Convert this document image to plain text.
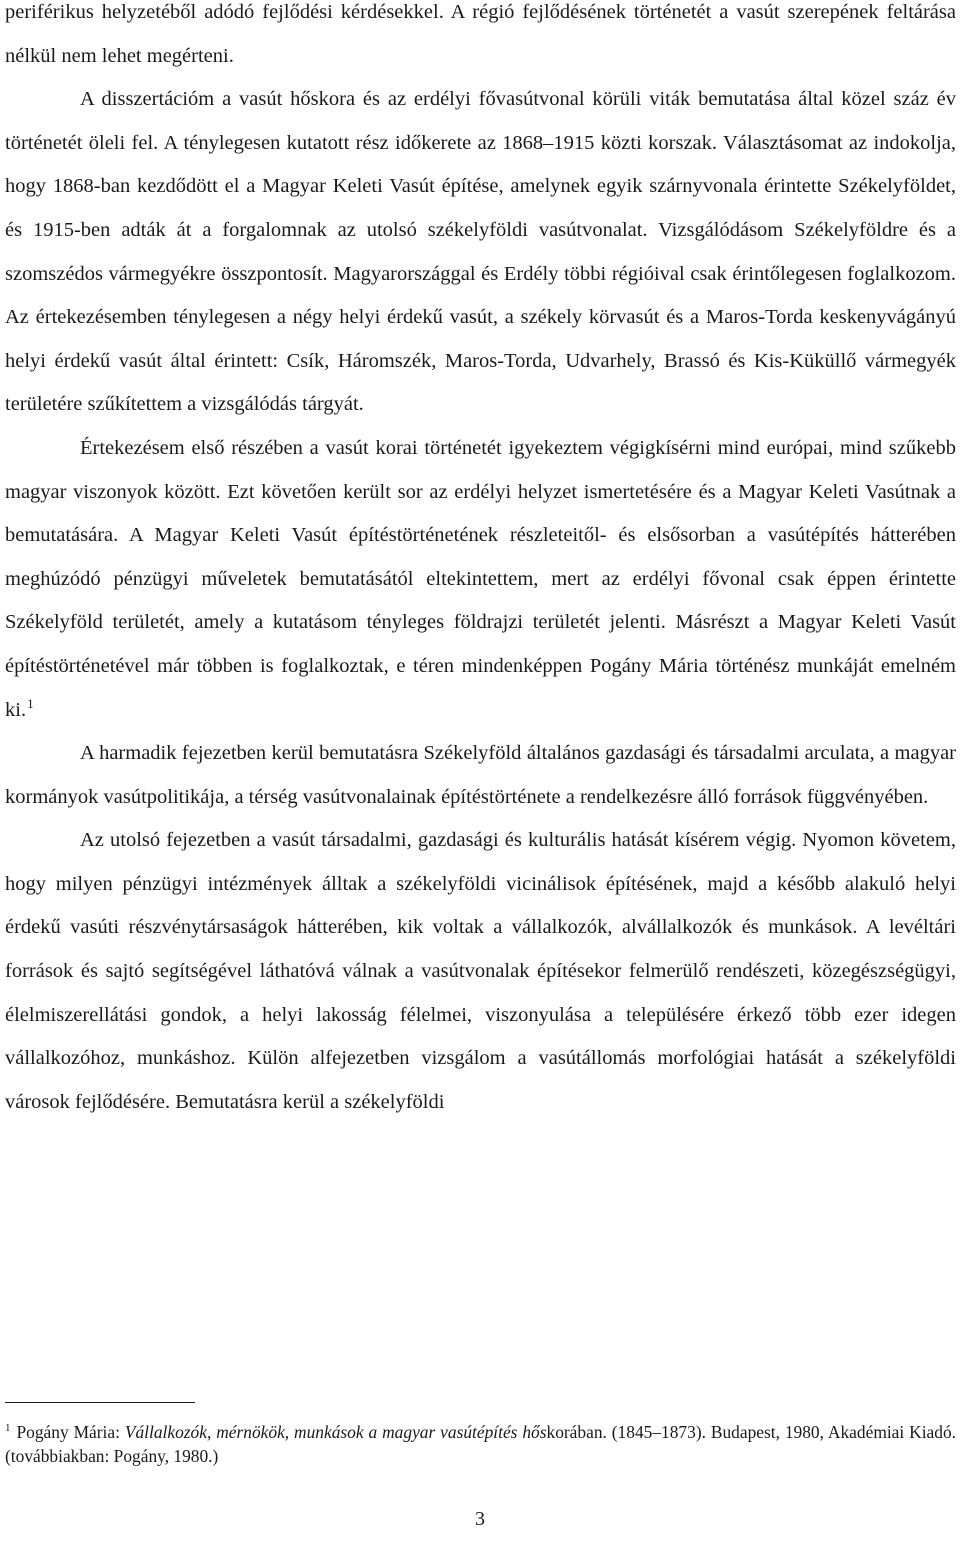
periférikus helyzetéből adódó fejlődési kérdésekkel. A régió fejlődésének történetét a vasút szerepének feltárása nélkül nem lehet megérteni.

A disszertációm a vasút hőskora és az erdélyi fővasútvonal körüli viták bemutatása által közel száz év történetét öleli fel. A ténylegesen kutatott rész időkerete az 1868–1915 közti korszak. Választásomat az indokolja, hogy 1868-ban kezdődött el a Magyar Keleti Vasút építése, amelynek egyik szárnyvonala érintette Székelyföldet, és 1915-ben adták át a forgalomnak az utolsó székelyföldi vasútvonalat. Vizsgálódásom Székelyföldre és a szomszédos vármegyékre összpontosít. Magyarországgal és Erdély többi régióival csak érintőlegesen foglalkozom. Az értekezésemben ténylegesen a négy helyi érdekű vasút, a székely körvasút és a Maros-Torda keskenyvágányú helyi érdekű vasút által érintett: Csík, Háromszék, Maros-Torda, Udvarhely, Brassó és Kis-Küküllő vármegyék területére szűkítettem a vizsgálódás tárgyát.

Értekezésem első részében a vasút korai történetét igyekeztem végigkísérni mind európai, mind szűkebb magyar viszonyok között. Ezt követően került sor az erdélyi helyzet ismertetésére és a Magyar Keleti Vasútnak a bemutatására. A Magyar Keleti Vasút építéstörténetének részleteitől- és elsősorban a vasútépítés hátterében meghúzódó pénzügyi műveletek bemutatásától eltekintettem, mert az erdélyi fővonal csak éppen érintette Székelyföld területét, amely a kutatásom tényleges földrajzi területét jelenti. Másrészt a Magyar Keleti Vasút építéstörténetével már többen is foglalkoztak, e téren mindenképpen Pogány Mária történész munkáját emelném ki.$^1$

A harmadik fejezetben kerül bemutatásra Székelyföld általános gazdasági és társadalmi arculata, a magyar kormányok vasútpolitikája, a térség vasútvonalainak építéstörténete a rendelkezésre álló források függvényében.

Az utolsó fejezetben a vasút társadalmi, gazdasági és kulturális hatását kísérem végig. Nyomon követem, hogy milyen pénzügyi intézmények álltak a székelyföldi vicinálisok építésének, majd a később alakuló helyi érdekű vasúti részvénytársaságok hátterében, kik voltak a vállalkozók, alvállalkozók és munkások. A levéltári források és sajtó segítségével láthatóvá válnak a vasútvonalak építésekor felmerülő rendészeti, közegészségügyi, élelmiszerellátási gondok, a helyi lakosság félelmei, viszonyulása a településére érkező több ezer idegen vállalkozóhoz, munkáshoz. Külön alfejezetben vizsgálom a vasútállomás morfológiai hatását a székelyföldi városok fejlődésére. Bemutatásra kerül a székelyföldi

$^1$ Pogány Mária: Vállalkozók, mérnökök, munkások a magyar vasútépítés hőskorában. (1845–1873). Budapest, 1980, Akadémiai Kiadó. (továbbiakban: Pogány, 1980.)

3
